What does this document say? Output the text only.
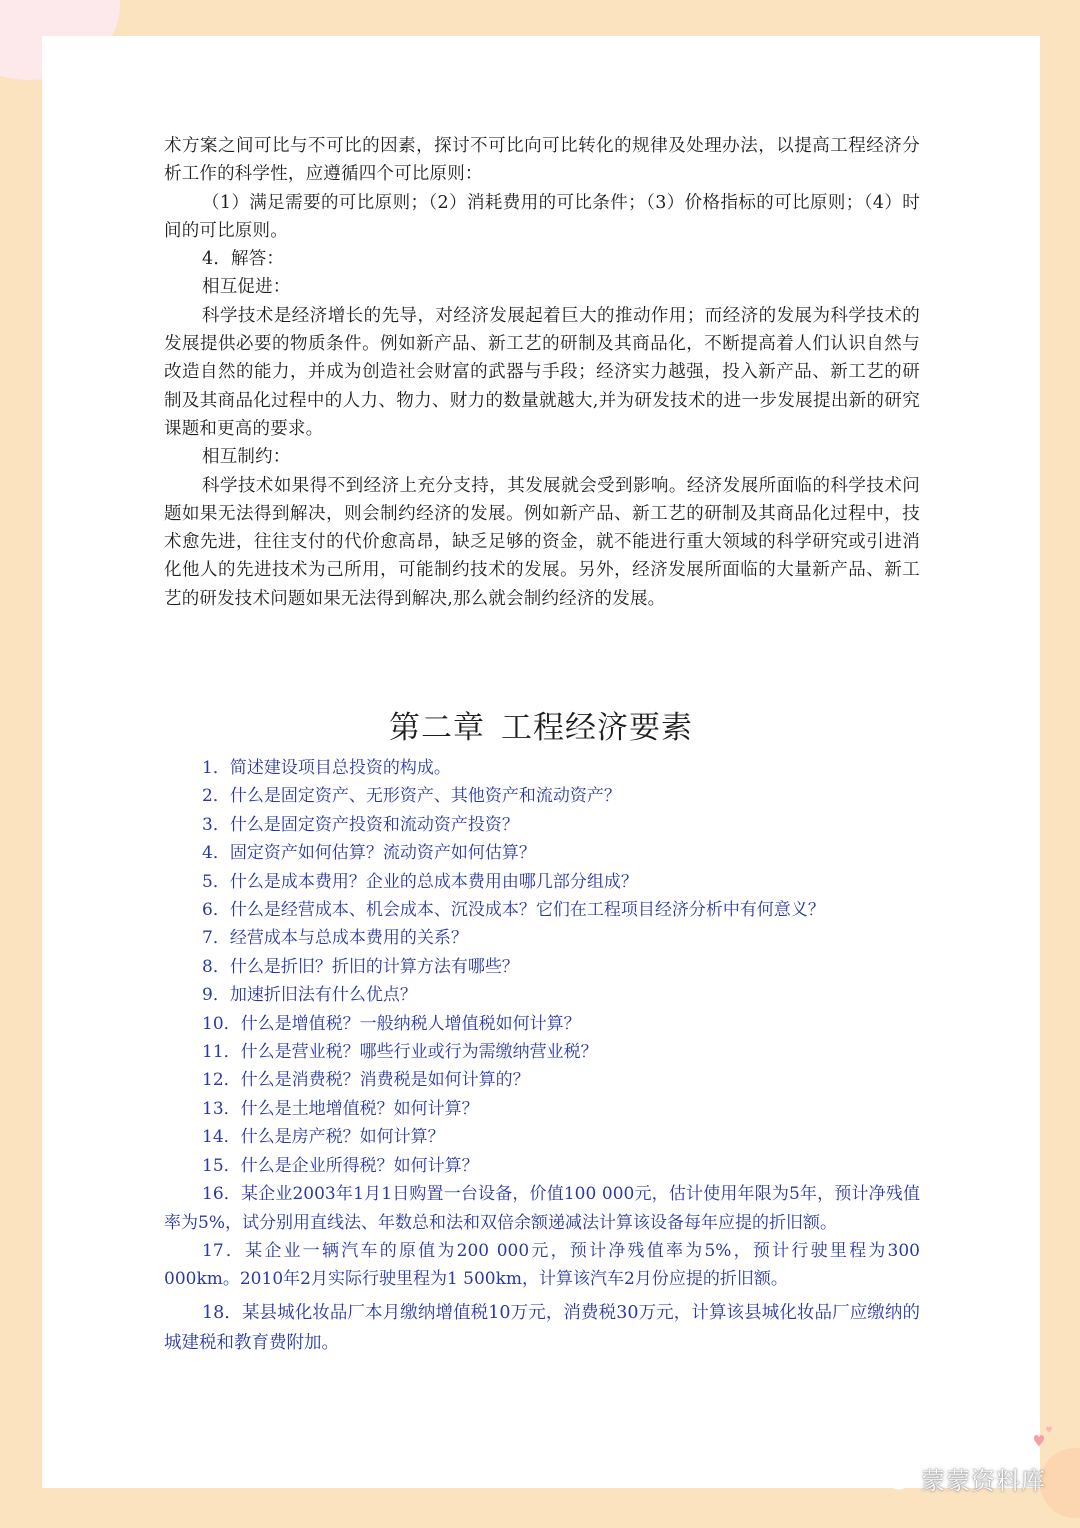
术方案之间可比与不可比的因素，探讨不可比向可比转化的规律及处理办法，以提高工程经济分析工作的科学性，应遵循四个可比原则：
（1）满足需要的可比原则；（2）消耗费用的可比条件；（3）价格指标的可比原则；（4）时间的可比原则。
4．解答：
相互促进：
科学技术是经济增长的先导，对经济发展起着巨大的推动作用；而经济的发展为科学技术的发展提供必要的物质条件。例如新产品、新工艺的研制及其商品化，不断提高着人们认识自然与改造自然的能力，并成为创造社会财富的武器与手段；经济实力越强，投入新产品、新工艺的研制及其商品化过程中的人力、物力、财力的数量就越大,并为研发技术的进一步发展提出新的研究课题和更高的要求。
相互制约：
科学技术如果得不到经济上充分支持，其发展就会受到影响。经济发展所面临的科学技术问题如果无法得到解决，则会制约经济的发展。例如新产品、新工艺的研制及其商品化过程中，技术愈先进，往往支付的代价愈高昂，缺乏足够的资金，就不能进行重大领域的科学研究或引进消化他人的先进技术为己所用，可能制约技术的发展。另外，经济发展所面临的大量新产品、新工艺的研发技术问题如果无法得到解决,那么就会制约经济的发展。
第二章 工程经济要素
1．简述建设项目总投资的构成。
2．什么是固定资产、无形资产、其他资产和流动资产？
3．什么是固定资产投资和流动资产投资？
4．固定资产如何估算？流动资产如何估算？
5．什么是成本费用？企业的总成本费用由哪几部分组成？
6．什么是经营成本、机会成本、沉没成本？它们在工程项目经济分析中有何意义？
7．经营成本与总成本费用的关系？
8．什么是折旧？折旧的计算方法有哪些？
9．加速折旧法有什么优点？
10．什么是增值税？一般纳税人增值税如何计算？
11．什么是营业税？哪些行业或行为需缴纳营业税？
12．什么是消费税？消费税是如何计算的？
13．什么是土地增值税？如何计算？
14．什么是房产税？如何计算？
15．什么是企业所得税？如何计算？
16．某企业2003年1月1日购置一台设备，价值100 000元，估计使用年限为5年，预计净残值率为5%，试分别用直线法、年数总和法和双倍余额递减法计算该设备每年应提的折旧额。
17．某企业一辆汽车的原值为200 000元，预计净残值率为5%，预计行驶里程为300 000km。2010年2月实际行驶里程为1 500km，计算该汽车2月份应提的折旧额。
18．某县城化妆品厂本月缴纳增值税10万元，消费税30万元，计算该县城化妆品厂应缴纳的城建税和教育费附加。
蒙蒙资料库
